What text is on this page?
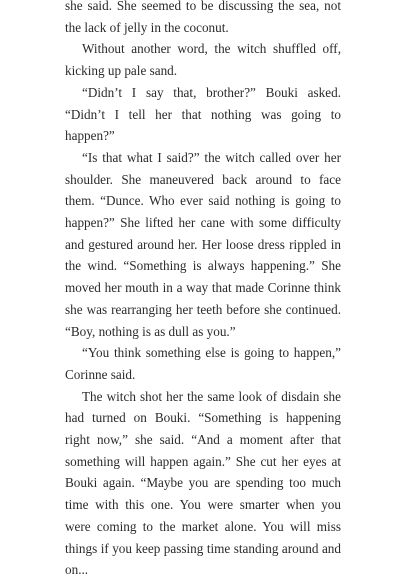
she said. She seemed to be discussing the sea, not the lack of jelly in the coconut.

Without another word, the witch shuffled off, kicking up pale sand.

“Didn’t I say that, brother?” Bouki asked. “Didn’t I tell her that nothing was going to happen?”

“Is that what I said?” the witch called over her shoulder. She maneuvered back around to face them. “Dunce. Who ever said nothing is going to happen?” She lifted her cane with some difficulty and gestured around her. Her loose dress rippled in the wind. “Something is always happening.” She moved her mouth in a way that made Corinne think she was rearranging her teeth before she continued. “Boy, nothing is as dull as you.”

“You think something else is going to happen,” Corinne said.

The witch shot her the same look of disdain she had turned on Bouki. “Something is happening right now,” she said. “And a moment after that something will happen again.” She cut her eyes at Bouki again. “Maybe you are spending too much time with this one. You were smarter when you were coming to the market alone. You will miss things if you keep passing time standing around and on...
